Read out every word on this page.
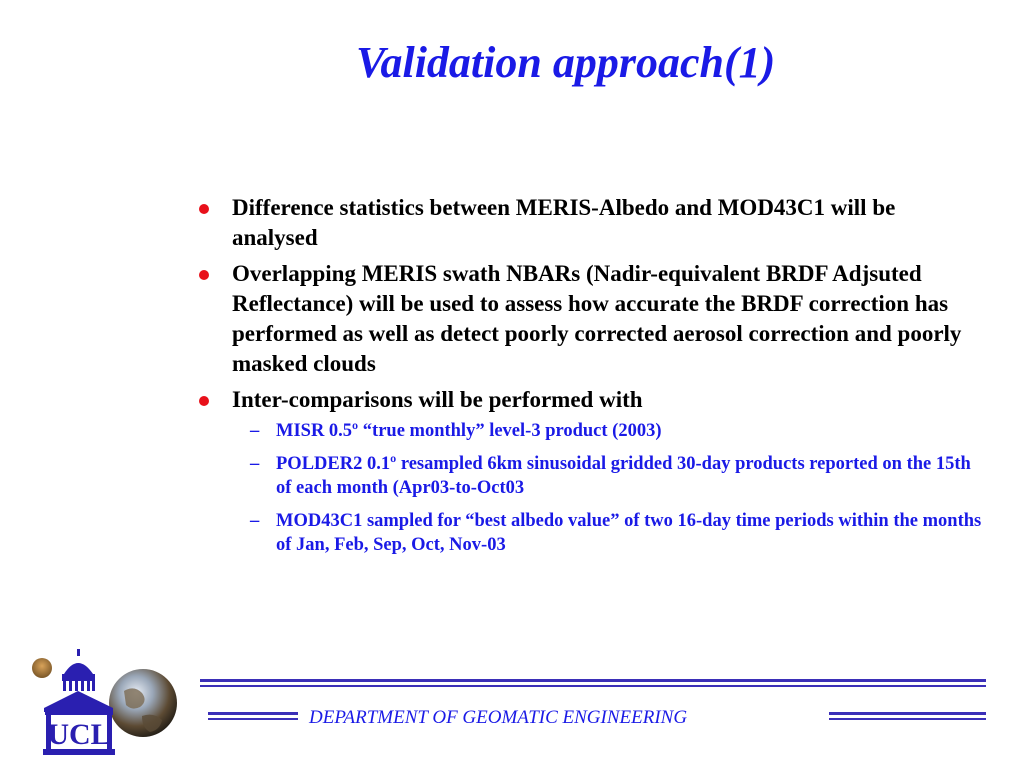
Validation approach(1)
Difference statistics between MERIS-Albedo and MOD43C1 will be analysed
Overlapping MERIS swath NBARs (Nadir-equivalent BRDF Adjsuted Reflectance) will be used to assess how accurate the BRDF correction has performed as well as detect poorly corrected aerosol correction and poorly masked clouds
Inter-comparisons will be performed with
– MISR 0.5º “true monthly” level-3 product (2003)
– POLDER2 0.1º resampled 6km sinusoidal gridded 30-day products reported on the 15th of each month (Apr03-to-Oct03
– MOD43C1 sampled for “best albedo value” of two 16-day time periods within the months of Jan, Feb, Sep, Oct, Nov-03
UCL
DEPARTMENT OF GEOMATIC ENGINEERING
